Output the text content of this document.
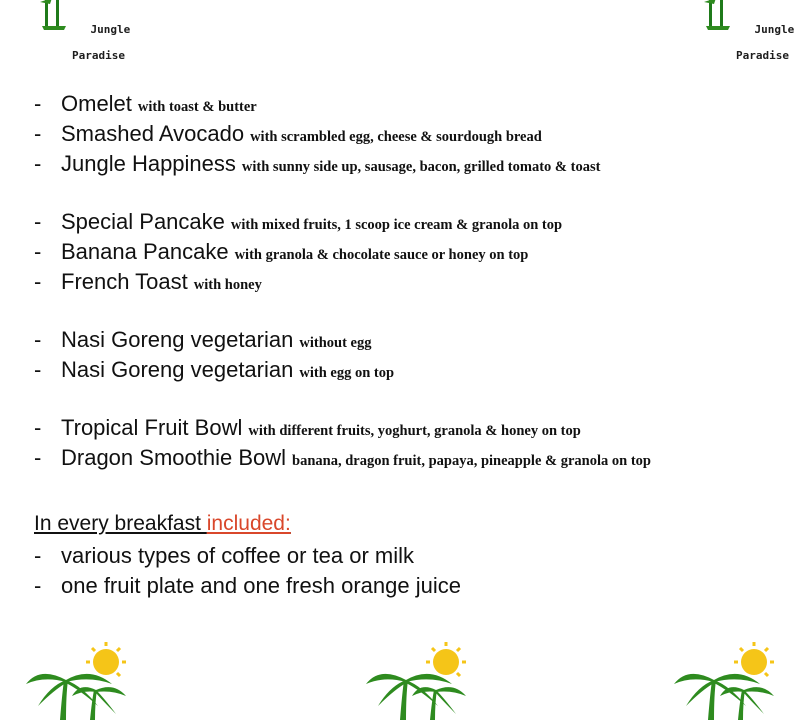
Jungle

Paradise

Jungle

Paradise

- Omelet with toast & butter
- Smashed Avocado with scrambled egg, cheese & sourdough bread
- Jungle Happiness with sunny side up, sausage, bacon, grilled tomato & toast
- Special Pancake with mixed fruits, 1 scoop ice cream & granola on top
- Banana Pancake with granola & chocolate sauce or honey on top
- French Toast with honey
- Nasi Goreng vegetarian without egg
- Nasi Goreng vegetarian with egg on top
- Tropical Fruit Bowl with different fruits, yoghurt, granola & honey on top
- Dragon Smoothie Bowl banana, dragon fruit, papaya, pineapple & granola on top
In every breakfast included:
- various types of coffee or tea or milk
- one fruit plate and one fresh orange juice
